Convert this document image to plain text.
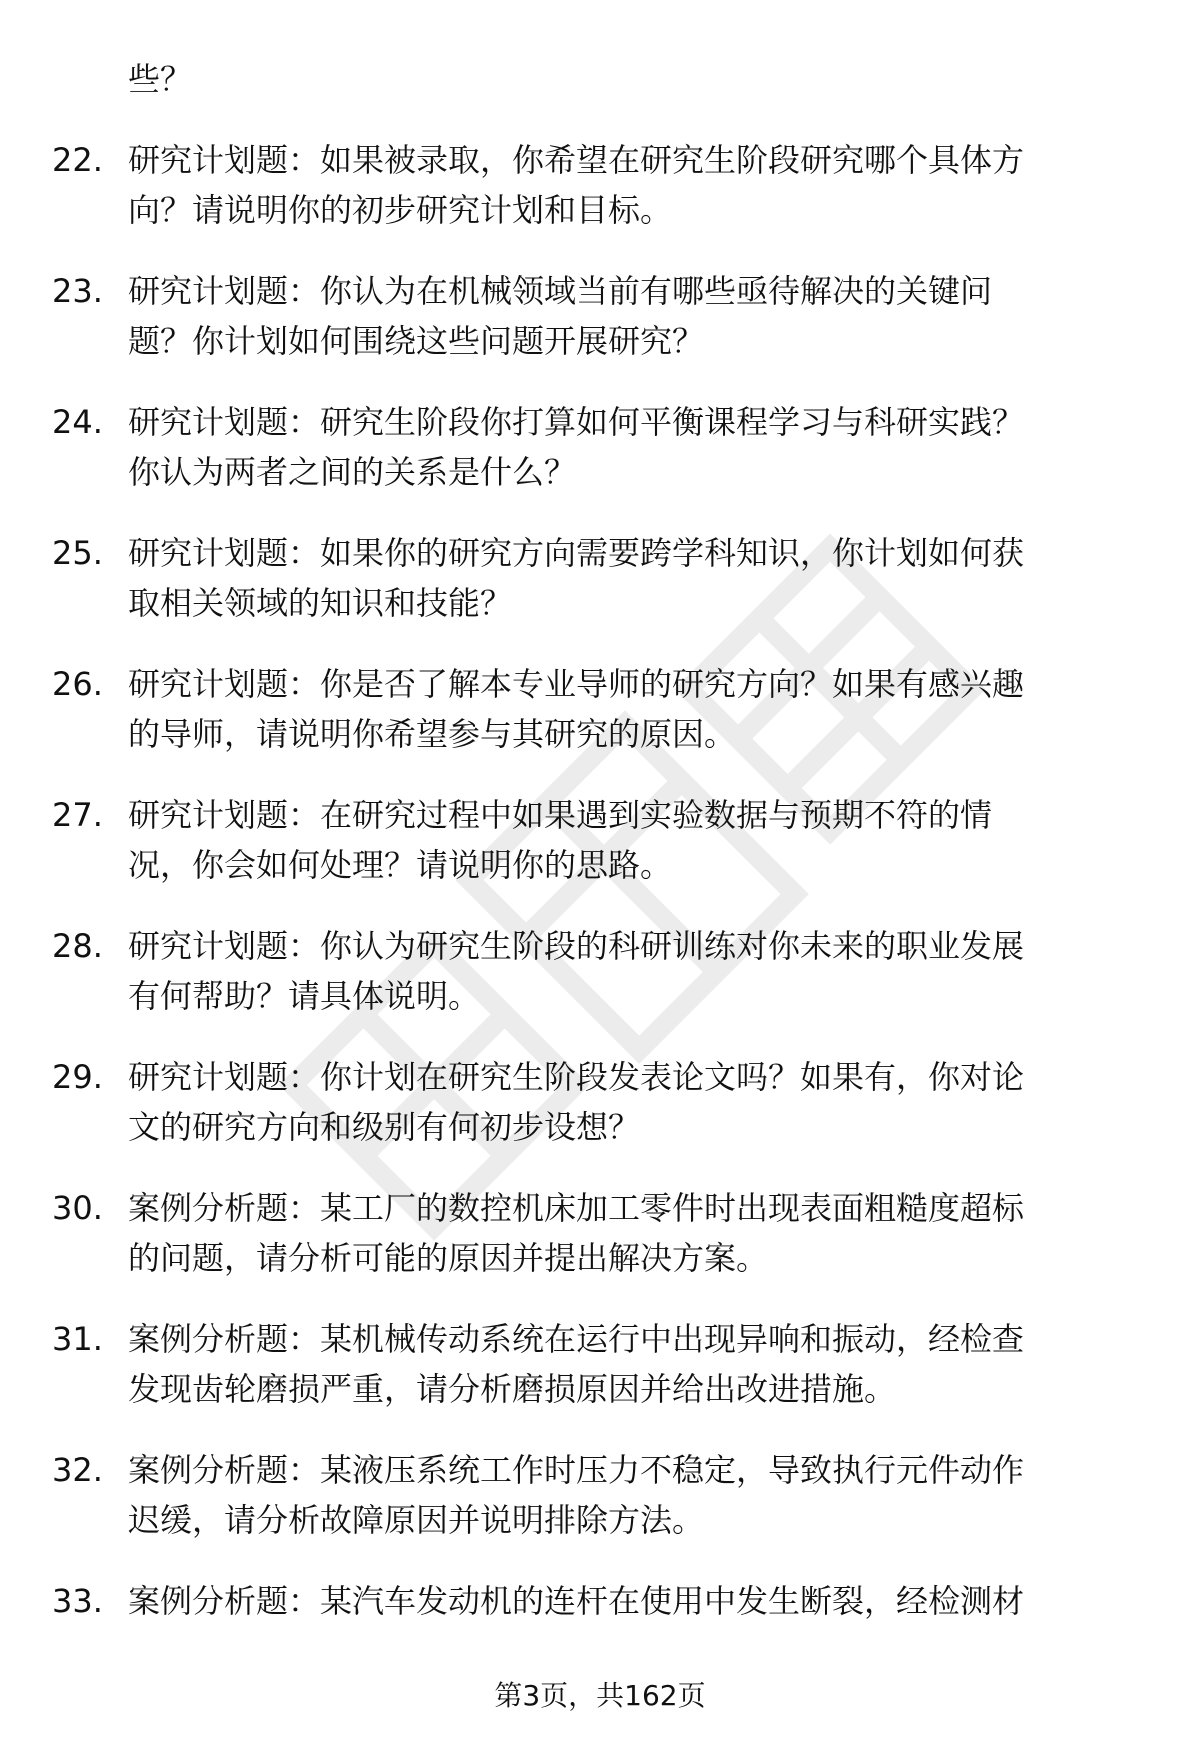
些？
22. 研究计划题：如果被录取，你希望在研究生阶段研究哪个具体方
向？请说明你的初步研究计划和目标。
23. 研究计划题：你认为在机械领域当前有哪些亟待解决的关键问
题？你计划如何围绕这些问题开展研究？
24. 研究计划题：研究生阶段你打算如何平衡课程学习与科研实践？
你认为两者之间的关系是什么？
25. 研究计划题：如果你的研究方向需要跨学科知识，你计划如何获
取相关领域的知识和技能？
26. 研究计划题：你是否了解本专业导师的研究方向？如果有感兴趣
的导师，请说明你希望参与其研究的原因。
27. 研究计划题：在研究过程中如果遇到实验数据与预期不符的情
况，你会如何处理？请说明你的思路。
28. 研究计划题：你认为研究生阶段的科研训练对你未来的职业发展
有何帮助？请具体说明。
29. 研究计划题：你计划在研究生阶段发表论文吗？如果有，你对论
文的研究方向和级别有何初步设想？
30. 案例分析题：某工厂的数控机床加工零件时出现表面粗糙度超标
的问题，请分析可能的原因并提出解决方案。
31. 案例分析题：某机械传动系统在运行中出现异响和振动，经检查
发现齿轮磨损严重，请分析磨损原因并给出改进措施。
32. 案例分析题：某液压系统工作时压力不稳定，导致执行元件动作
迟缓，请分析故障原因并说明排除方法。
33. 案例分析题：某汽车发动机的连杆在使用中发生断裂，经检测材
第3页，共162页
